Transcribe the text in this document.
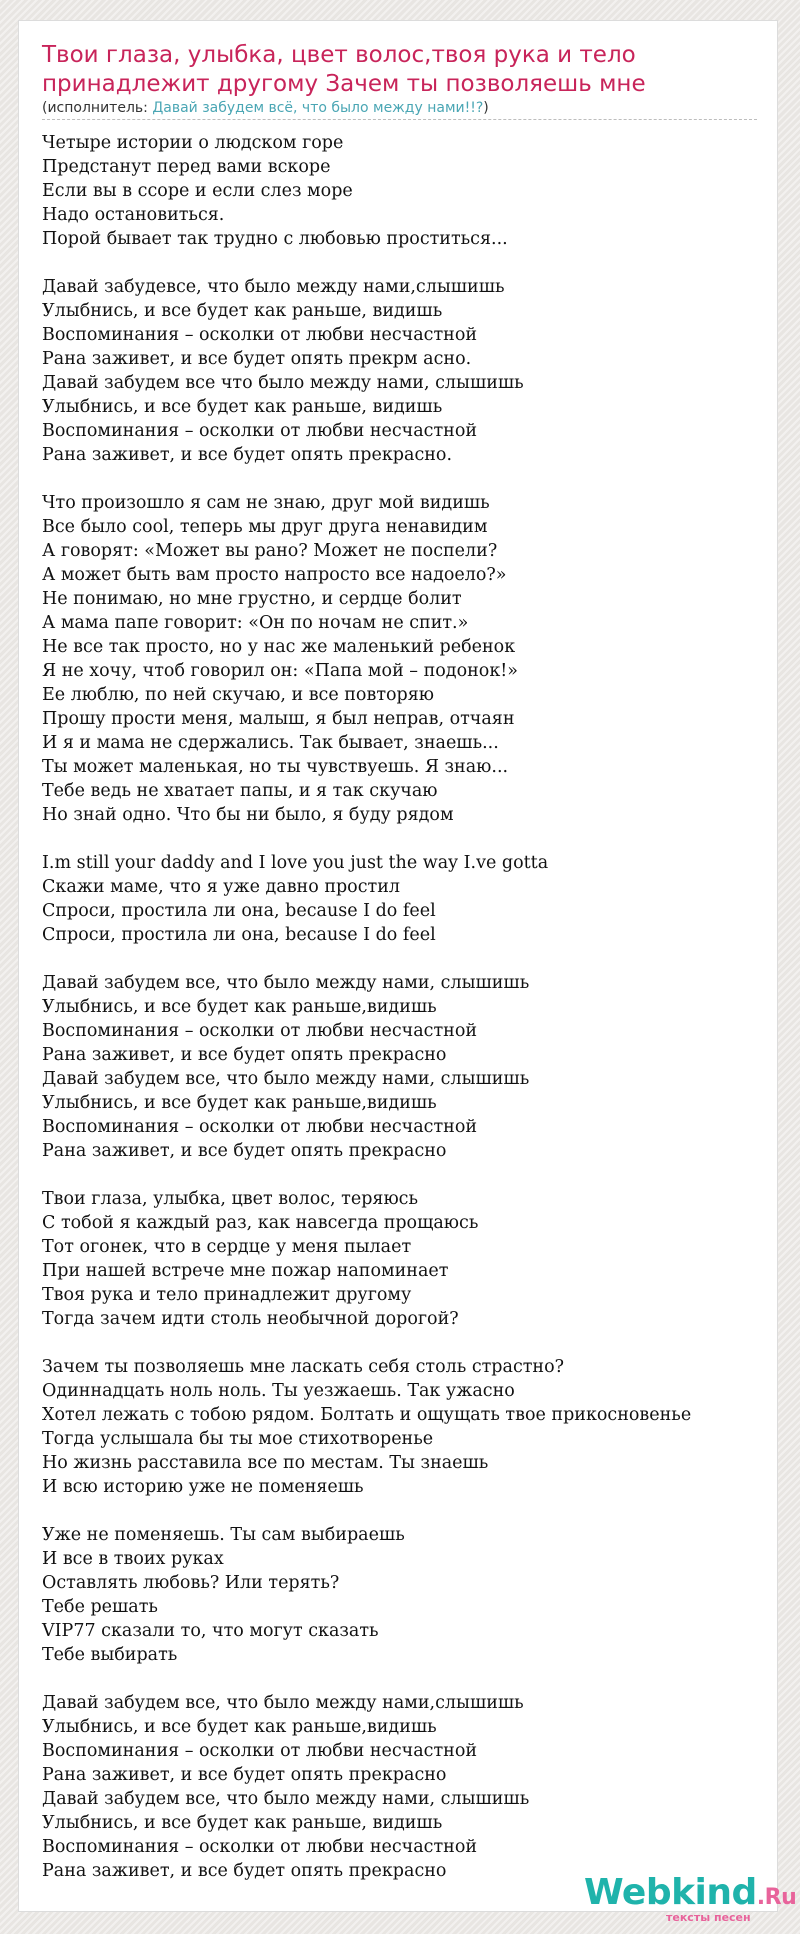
Твои глаза, улыбка, цвет волос,твоя рука и тело принадлежит другому Зачем ты позволяешь мне
(исполнитель: Давай забудем всё, что было между нами!!?)
Четыре истории о людском горе
Предстанут перед вами вскоре
Если вы в ссоре и если слез море
Надо остановиться.
Порой бывает так трудно с любовью проститься...
Давай забудевсе, что было между нами,слышишь
Улыбнись, и все будет как раньше, видишь
Воспоминания – осколки от любви несчастной
Рана заживет, и все будет опять прекрм асно.
Давай забудем все что было между нами, слышишь
Улыбнись, и все будет как раньше, видишь
Воспоминания – осколки от любви несчастной
Рана заживет, и все будет опять прекрасно.
Что произошло я сам не знаю, друг мой видишь
Все было cool, теперь мы друг друга ненавидим
А говорят: «Может вы рано? Может не поспели?
А может быть вам просто напросто все надоело?»
Не понимаю, но мне грустно, и сердце болит
А мама папе говорит: «Он по ночам не спит.»
Не все так просто, но у нас же маленький ребенок
Я не хочу, чтоб говорил он: «Папа мой – подонок!»
Ее люблю, по ней скучаю, и все повторяю
Прошу прости меня, малыш, я был неправ, отчаян
И я и мама не сдержались. Так бывает, знаешь...
Ты может маленькая, но ты чувствуешь. Я знаю...
Тебе ведь не хватает папы, и я так скучаю
Но знай одно. Что бы ни было, я буду рядом
I.m still your daddy and I love you just the way I.ve gotta
Скажи маме, что я уже давно простил
Спроси, простила ли она, because I do feel
Спроси, простила ли она, because I do feel
Давай забудем все, что было между нами, слышишь
Улыбнись, и все будет как раньше,видишь
Воспоминания – осколки от любви несчастной
Рана заживет, и все будет опять прекрасно
Давай забудем все, что было между нами, слышишь
Улыбнись, и все будет как раньше,видишь
Воспоминания – осколки от любви несчастной
Рана заживет, и все будет опять прекрасно
Твои глаза, улыбка, цвет волос, теряюсь
С тобой я каждый раз, как навсегда прощаюсь
Тот огонек, что в сердце у меня пылает
При нашей встрече мне пожар напоминает
Твоя рука и тело принадлежит другому
Тогда зачем идти столь необычной дорогой?
Зачем ты позволяешь мне ласкать себя столь страстно?
Одиннадцать ноль ноль. Ты уезжаешь. Так ужасно
Хотел лежать с тобою рядом. Болтать и ощущать твое прикосновенье
Тогда услышала бы ты мое стихотворенье
Но жизнь расставила все по местам. Ты знаешь
И всю историю уже не поменяешь
Уже не поменяешь. Ты сам выбираешь
И все в твоих руках
Оставлять любовь? Или терять?
Тебе решать
VIP77 сказали то, что могут сказать
Тебе выбирать
Давай забудем все, что было между нами,слышишь
Улыбнись, и все будет как раньше,видишь
Воспоминания – осколки от любви несчастной
Рана заживет, и все будет опять прекрасно
Давай забудем все, что было между нами, слышишь
Улыбнись, и все будет как раньше, видишь
Воспоминания – осколки от любви несчастной
Рана заживет, и все будет опять прекрасно
Webkind.Ru
тексты песен
